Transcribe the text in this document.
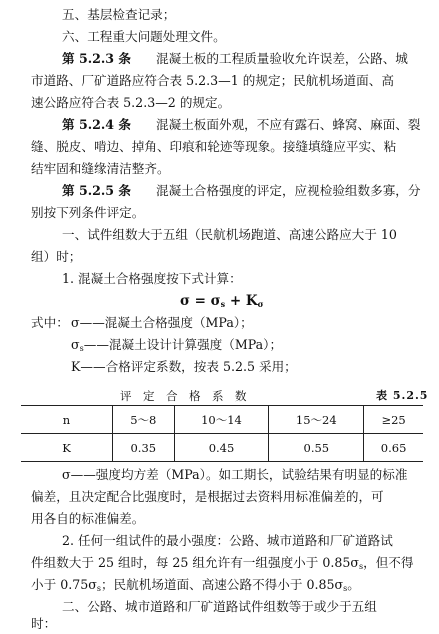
五、基层检查记录；
六、工程重大问题处理文件。
第 5.2.3 条 混凝土板的工程质量验收允许误差，公路、城
市道路、厂矿道路应符合表 5.2.3—1 的规定；民航机场道面、高
速公路应符合表 5.2.3—2 的规定。
第 5.2.4 条 混凝土板面外观，不应有露石、蜂窝、麻面、裂
缝、脱皮、啃边、掉角、印痕和轮迹等现象。接缝填缝应平实、粘
结牢固和缝缘清洁整齐。
第 5.2.5 条 混凝土合格强度的评定，应视检验组数多寡，分
别按下列条件评定。
一、试件组数大于五组（民航机场跑道、高速公路应大于 10
组）时；
1. 混凝土合格强度按下式计算：
$\sigma = \sigma_s + K_\sigma$
式中： σ——混凝土合格强度（MPa）；
$\sigma_s——$混凝土设计计算强度（MPa）；
K——合格评定系数，按表 5.2.5 采用；
评定合格系数	表 5.2.5
n	5～8	10～14	15～24	≥25
K	0.35	0.45	0.55	0.65
σ——强度均方差（MPa）。如工期长，试验结果有明显的标准
偏差，且决定配合比强度时，是根据过去资料用标准偏差的，可
用各自的标准偏差。
2. 任何一组试件的最小强度：公路、城市道路和厂矿道路试
件组数大于 25 组时，每 25 组允许有一组强度小于 $0.85\sigma_s$，但不得
小于 $0.75\sigma_s$；民航机场道面、高速公路不得小于 $0.85\sigma_s$。
二、公路、城市道路和厂矿道路试件组数等于或少于五组
时：
